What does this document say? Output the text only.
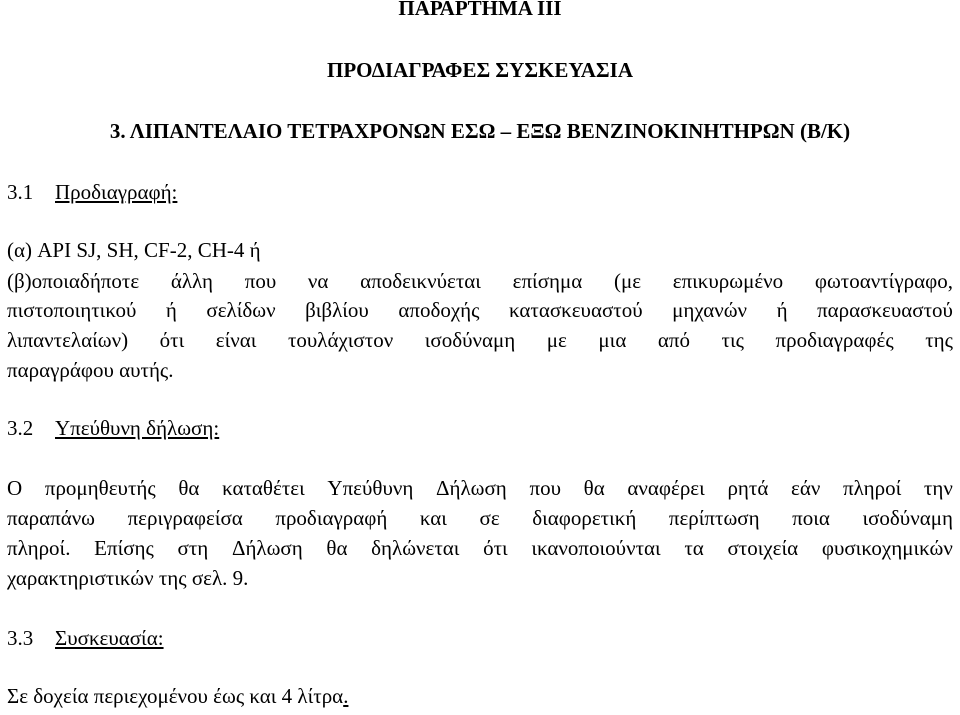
ΠΑΡΑΡΤΗΜΑ ΙΙΙ
ΠΡΟΔΙΑΓΡΑΦΕΣ ΣΥΣΚΕΥΑΣΙΑ
3. ΛΙΠΑΝΤΕΛΑΙΟ ΤΕΤΡΑΧΡΟΝΩΝ ΕΣΩ – ΕΞΩ ΒΕΝΖΙΝΟΚΙΝΗΤΗΡΩΝ (Β/Κ)
3.1 Προδιαγραφή:
(α) API SJ, SH, CF-2, CH-4 ή
(β)οποιαδήποτε άλλη που να αποδεικνύεται επίσημα (με επικυρωμένο φωτοαντίγραφο,
πιστοποιητικού ή σελίδων βιβλίου αποδοχής κατασκευαστού μηχανών ή παρασκευαστού
λιπαντελαίων) ότι είναι τουλάχιστον ισοδύναμη με μια από τις προδιαγραφές της
παραγράφου αυτής.
3.2 Υπεύθυνη δήλωση:
Ο προμηθευτής θα καταθέτει Υπεύθυνη Δήλωση που θα αναφέρει ρητά εάν πληροί την
παραπάνω περιγραφείσα προδιαγραφή και σε διαφορετική περίπτωση ποια ισοδύναμη
πληροί. Επίσης στη Δήλωση θα δηλώνεται ότι ικανοποιούνται τα στοιχεία φυσικοχημικών
χαρακτηριστικών της σελ. 9.
3.3 Συσκευασία:
Σε δοχεία περιεχομένου έως και 4 λίτρα.
